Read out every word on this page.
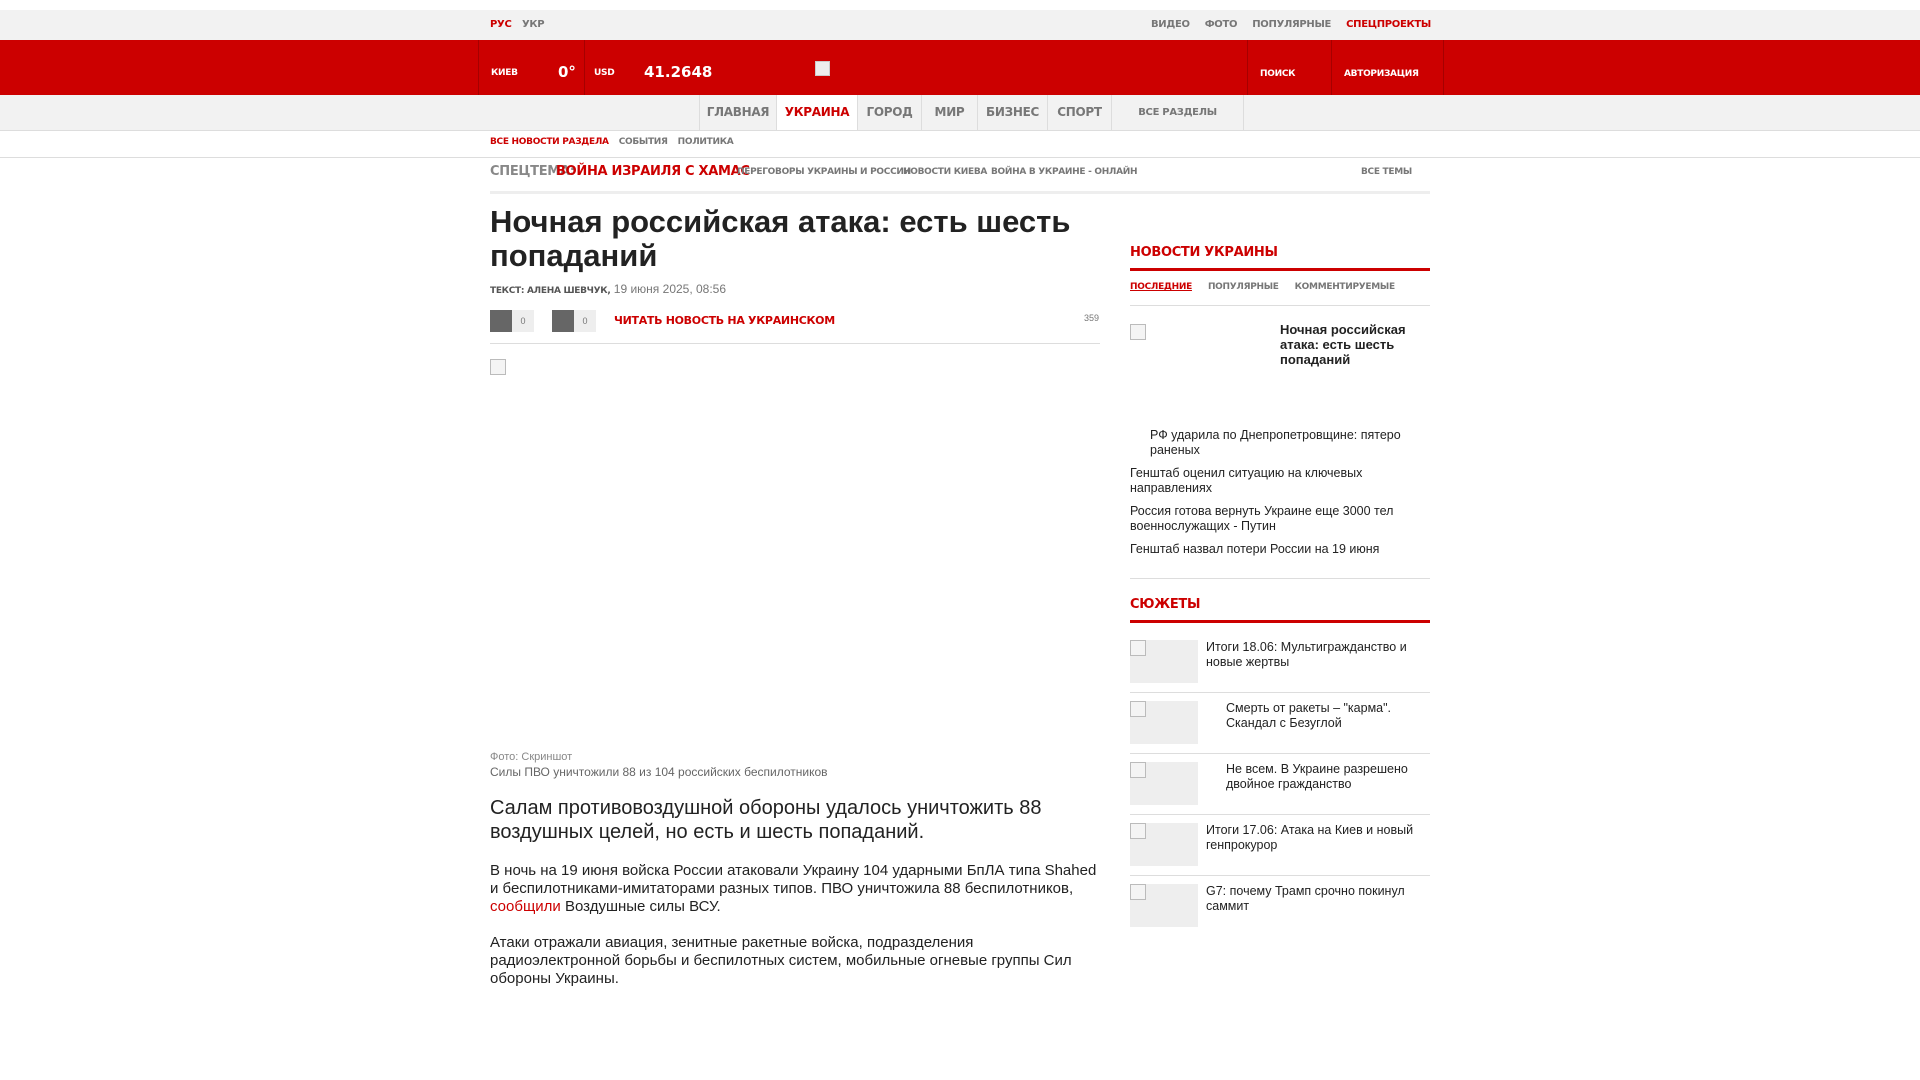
РУС УКР	ВИДЕО ФОТО ПОПУЛЯРНЫЕ СПЕЦПРОЕКТЫ
КИЕВ	0° USD 41.2648	ПОИСК	АВТОРИЗАЦИЯ
ГЛАВНАЯ	УКРАИНА	ГОРОД	МИР	БИЗНЕС	СПОРТ	ВСЕ РАЗДЕЛЫ
ВСЕ НОВОСТИ РАЗДЕЛА СОБЫТИЯ ПОЛИТИКА
СПЕЦТЕМА:
ВОЙНА ИЗРАИЛЯ С ХАМАС
ПЕРЕГОВОРЫ УКРАИНЫ И РОССИИ
НОВОСТИ КИЕВА ВОЙНА В УКРАИНЕ - ОНЛАЙН	ВСЕ ТЕМЫ
Ночная российская атака: есть шесть попаданий
ТЕКСТ: АЛЕНА ШЕВЧУК, 19 июня 2025, 08:56
0	0	ЧИТАТЬ НОВОСТЬ НА УКРАИНСКОМ	359
Фото: Скриншот
Силы ПВО уничтожили 88 из 104 российских беспилотников
Салам противовоздушной обороны удалось уничтожить 88 воздушных целей, но есть и шесть попаданий.

В ночь на 19 июня войска России атаковали Украину 104 ударными БпЛА типа Shahed и беспилотниками-имитаторами разных типов. ПВО уничтожила 88 беспилотников, сообщили Воздушные силы ВСУ.

Атаки отражали авиация, зенитные ракетные войска, подразделения радиоэлектронной борьбы и беспилотных систем, мобильные огневые группы Сил обороны Украины.

НОВОСТИ УКРАИНЫ
ПОСЛЕДНИЕ ПОПУЛЯРНЫЕ КОММЕНТИРУЕМЫЕ
Ночная российская атака: есть шесть попаданий
РФ ударила по Днепропетровщине: пятеро раненых
Генштаб оценил ситуацию на ключевых направлениях
Россия готова вернуть Украине еще 3000 тел военнослужащих - Путин
Генштаб назвал потери России на 19 июня
СЮЖЕТЫ
Итоги 18.06: Мультигражданство и новые жертвы
Смерть от ракеты – "карма". Скандал с Безуглой
Не всем. В Украине разрешено двойное гражданство
Итоги 17.06: Атака на Киев и новый генпрокурор
G7: почему Трамп срочно покинул саммит
